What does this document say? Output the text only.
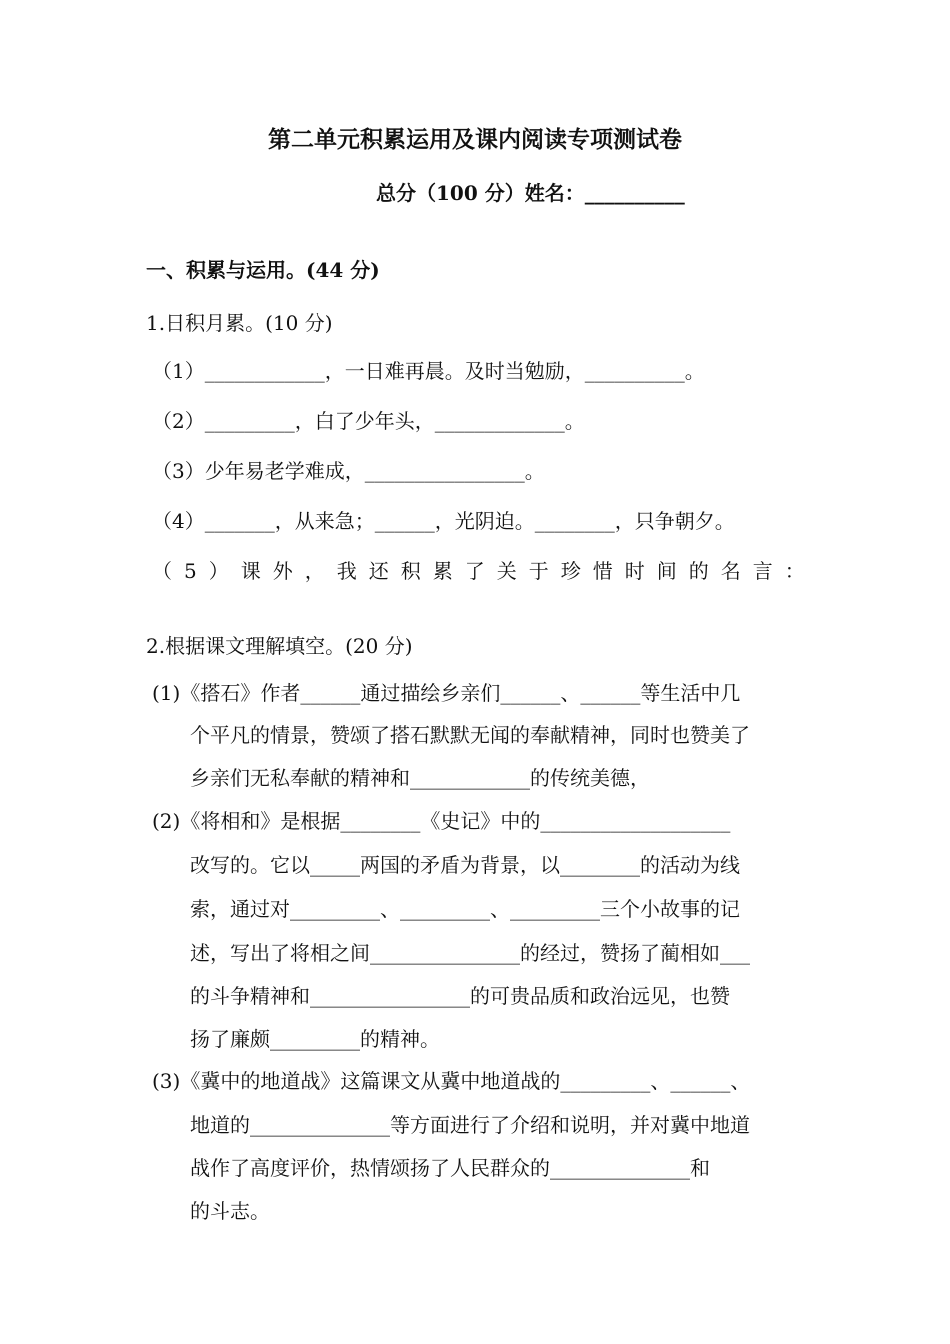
第二单元积累运用及课内阅读专项测试卷
总分（100 分）姓名：__________
一、积累与运用。(44 分)
1.日积月累。(10 分)
（1）____________，一日难再晨。及时当勉励，__________。
（2）_________，白了少年头，_____________。
（3）少年易老学难成，________________。
（4）_______，从来急；______，光阴迫。________，只争朝夕。
（5）课外，我还积累了关于珍惜时间的名言：
2.根据课文理解填空。(20 分)
(1)《搭石》作者______通过描绘乡亲们______、______等生活中几
个平凡的情景，赞颂了搭石默默无闻的奉献精神，同时也赞美了
乡亲们无私奉献的精神和____________的传统美德，
(2)《将相和》是根据________《史记》中的___________________
改写的。它以_____两国的矛盾为背景，以________的活动为线
索，通过对_________、_________、_________三个小故事的记
述，写出了将相之间_______________的经过，赞扬了蔺相如___
的斗争精神和________________的可贵品质和政治远见，也赞
扬了廉颇_________的精神。
(3)《冀中的地道战》这篇课文从冀中地道战的_________、______、
地道的______________等方面进行了介绍和说明，并对冀中地道
战作了高度评价，热情颂扬了人民群众的______________和
的斗志。
